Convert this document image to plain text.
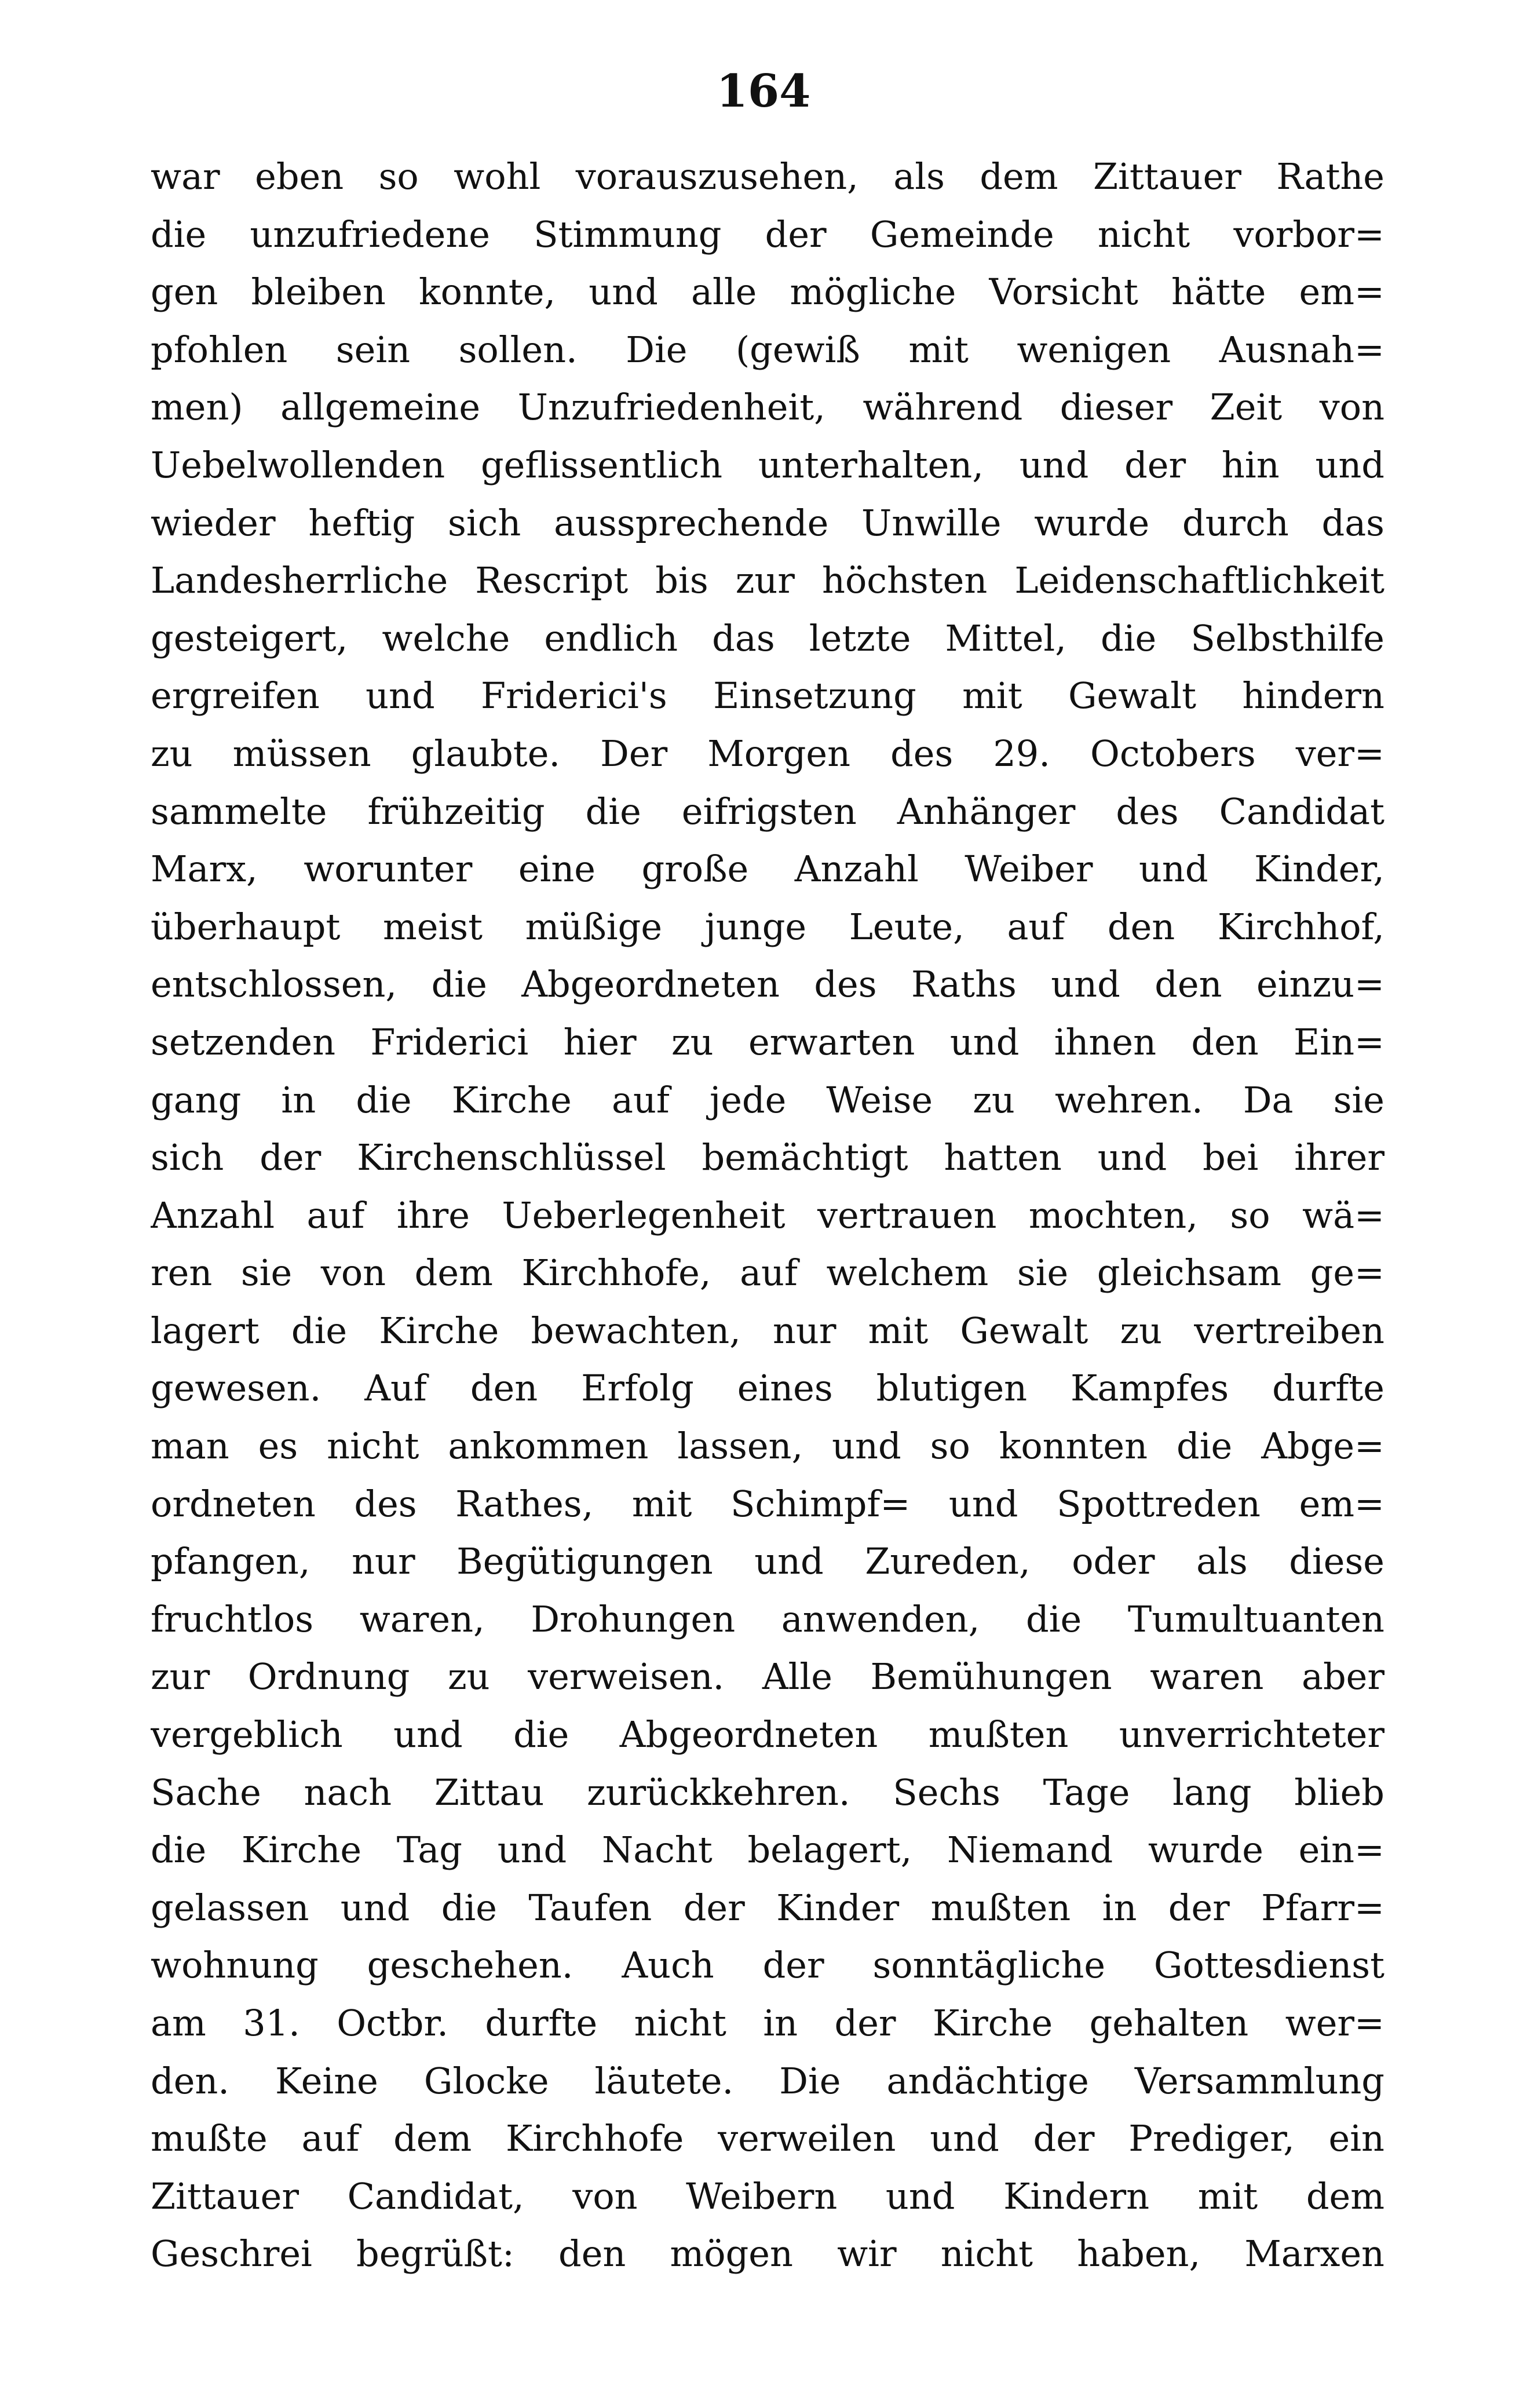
164
war eben so wohl vorauszusehen, als dem Zittauer Rathe
die unzufriedene Stimmung der Gemeinde nicht vorbor=
gen bleiben konnte, und alle mögliche Vorsicht hätte em=
pfohlen sein sollen. Die (gewiß mit wenigen Ausnah=
men) allgemeine Unzufriedenheit, während dieser Zeit von
Uebelwollenden geflissentlich unterhalten, und der hin und
wieder heftig sich aussprechende Unwille wurde durch das
Landesherrliche Rescript bis zur höchsten Leidenschaftlichkeit
gesteigert, welche endlich das letzte Mittel, die Selbsthilfe
ergreifen und Friderici's Einsetzung mit Gewalt hindern
zu müssen glaubte. Der Morgen des 29. Octobers ver=
sammelte frühzeitig die eifrigsten Anhänger des Candidat
Marx, worunter eine große Anzahl Weiber und Kinder,
überhaupt meist müßige junge Leute, auf den Kirchhof,
entschlossen, die Abgeordneten des Raths und den einzu=
setzenden Friderici hier zu erwarten und ihnen den Ein=
gang in die Kirche auf jede Weise zu wehren. Da sie
sich der Kirchenschlüssel bemächtigt hatten und bei ihrer
Anzahl auf ihre Ueberlegenheit vertrauen mochten, so wä=
ren sie von dem Kirchhofe, auf welchem sie gleichsam ge=
lagert die Kirche bewachten, nur mit Gewalt zu vertreiben
gewesen. Auf den Erfolg eines blutigen Kampfes durfte
man es nicht ankommen lassen, und so konnten die Abge=
ordneten des Rathes, mit Schimpf= und Spottreden em=
pfangen, nur Begütigungen und Zureden, oder als diese
fruchtlos waren, Drohungen anwenden, die Tumultuanten
zur Ordnung zu verweisen. Alle Bemühungen waren aber
vergeblich und die Abgeordneten mußten unverrichteter
Sache nach Zittau zurückkehren. Sechs Tage lang blieb
die Kirche Tag und Nacht belagert, Niemand wurde ein=
gelassen und die Taufen der Kinder mußten in der Pfarr=
wohnung geschehen. Auch der sonntägliche Gottesdienst
am 31. Octbr. durfte nicht in der Kirche gehalten wer=
den. Keine Glocke läutete. Die andächtige Versammlung
mußte auf dem Kirchhofe verweilen und der Prediger, ein
Zittauer Candidat, von Weibern und Kindern mit dem
Geschrei begrüßt: den mögen wir nicht haben, Marxen
